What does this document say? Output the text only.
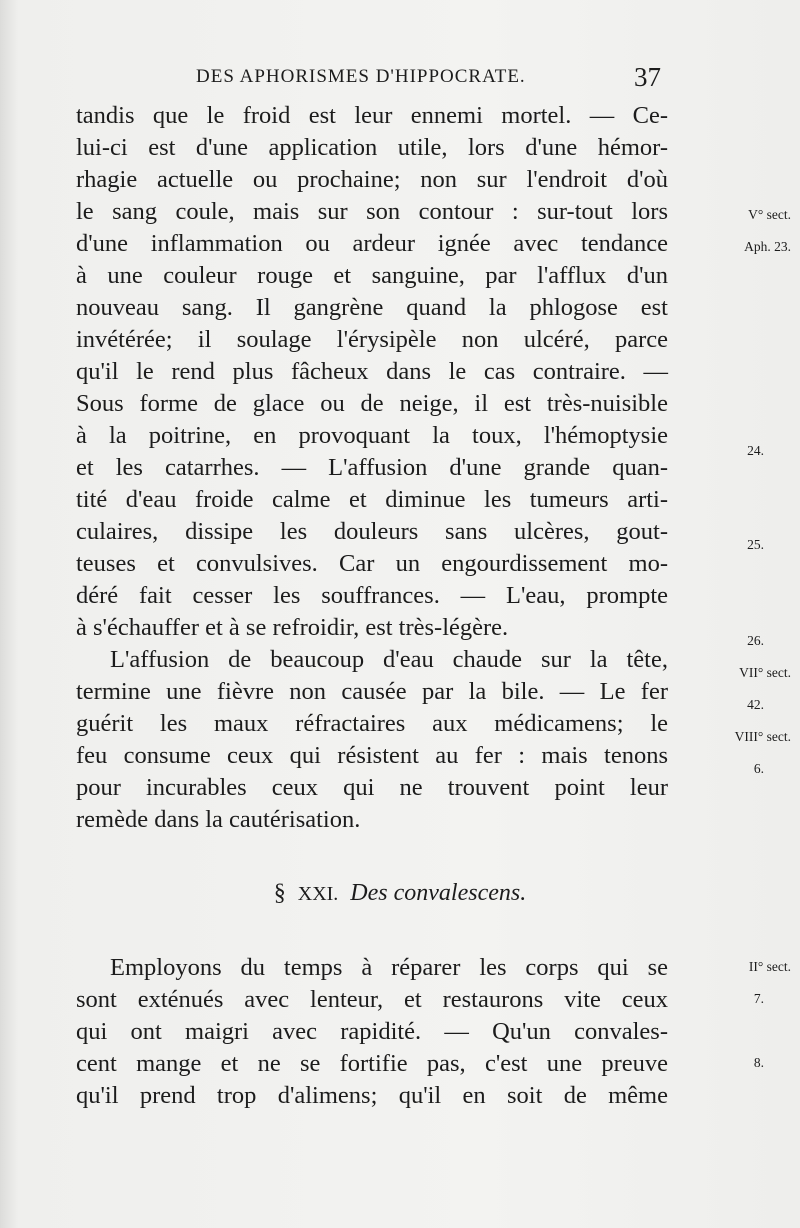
DES APHORISMES D'HIPPOCRATE.	37
tandis que le froid est leur ennemi mortel. — Ce-
lui-ci est d'une application utile, lors d'une hémor-
rhagie actuelle ou prochaine; non sur l'endroit d'où
le sang coule, mais sur son contour : sur-tout lors
d'une inflammation ou ardeur ignée avec tendance
à une couleur rouge et sanguine, par l'afflux d'un
nouveau sang. Il gangrène quand la phlogose est
invétérée; il soulage l'érysipèle non ulcéré, parce
qu'il le rend plus fâcheux dans le cas contraire. —
Sous forme de glace ou de neige, il est très-nuisible
à la poitrine, en provoquant la toux, l'hémoptysie
et les catarrhes. — L'affusion d'une grande quan-
tité d'eau froide calme et diminue les tumeurs arti-
culaires, dissipe les douleurs sans ulcères, gout-
teuses et convulsives. Car un engourdissement mo-
déré fait cesser les souffrances. — L'eau, prompte
à s'échauffer et à se refroidir, est très-légère.
L'affusion de beaucoup d'eau chaude sur la tête,
termine une fièvre non causée par la bile. — Le fer
guérit les maux réfractaires aux médicamens; le
feu consume ceux qui résistent au fer : mais tenons
pour incurables ceux qui ne trouvent point leur
remède dans la cautérisation.
§ XXI. Des convalescens.
Employons du temps à réparer les corps qui se
sont exténués avec lenteur, et restaurons vite ceux
qui ont maigri avec rapidité. — Qu'un convales-
cent mange et ne se fortifie pas, c'est une preuve
qu'il prend trop d'alimens; qu'il en soit de même
V° sect.
Aph. 23.
24.
25.
26.
VII° sect.
42.
VIII° sect.
6.
II° sect.
7.
8.
